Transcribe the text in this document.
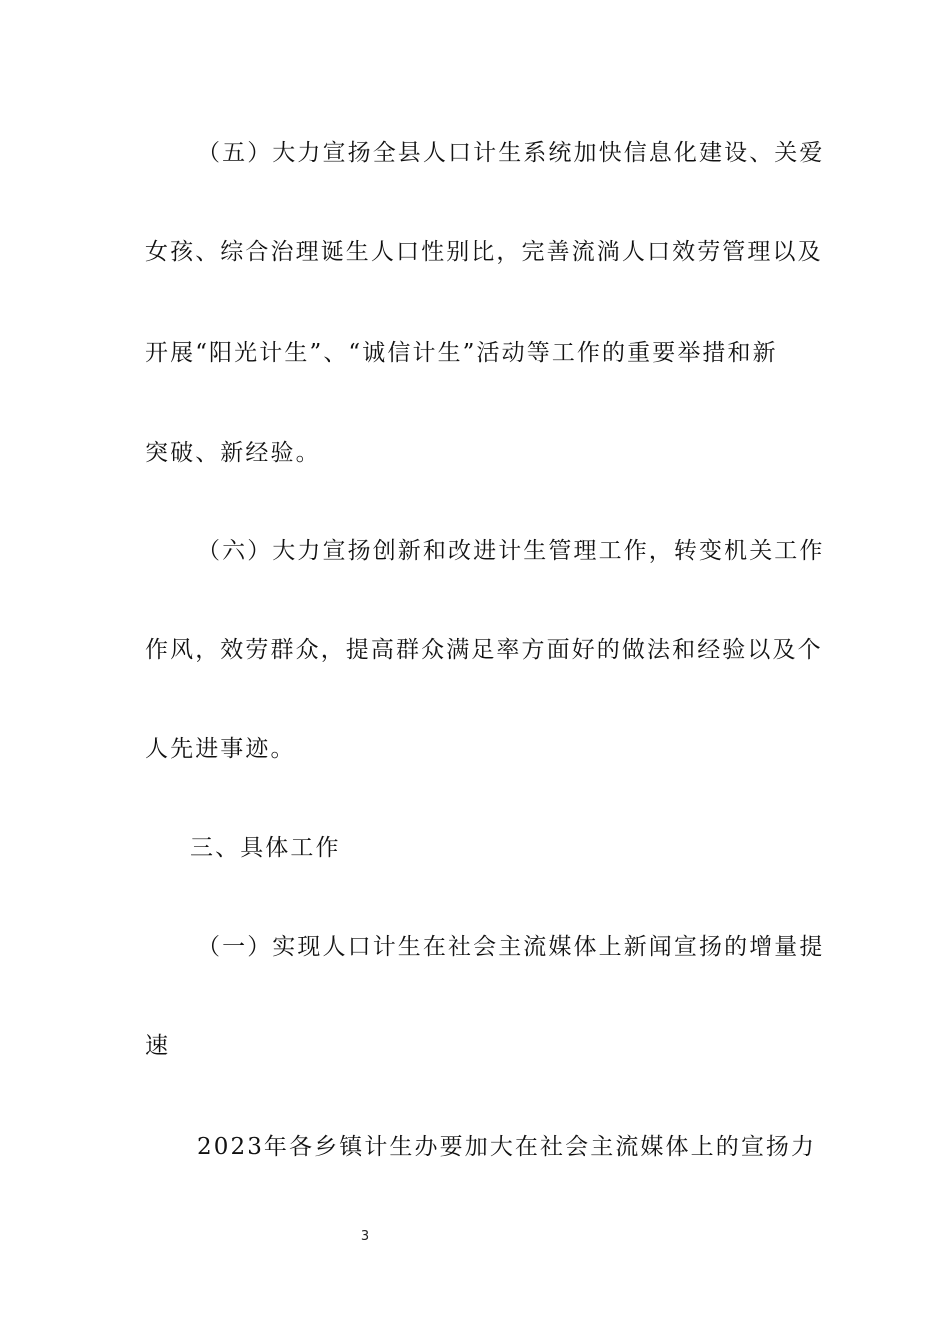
（五）大力宣扬全县人口计生系统加快信息化建设、关爱
女孩、综合治理诞生人口性别比，完善流淌人口效劳管理以及
开展“阳光计生”、“诚信计生”活动等工作的重要举措和新
突破、新经验。
（六）大力宣扬创新和改进计生管理工作，转变机关工作
作风，效劳群众，提高群众满足率方面好的做法和经验以及个
人先进事迹。
三、具体工作
（一）实现人口计生在社会主流媒体上新闻宣扬的增量提
速
2023年各乡镇计生办要加大在社会主流媒体上的宣扬力
3
